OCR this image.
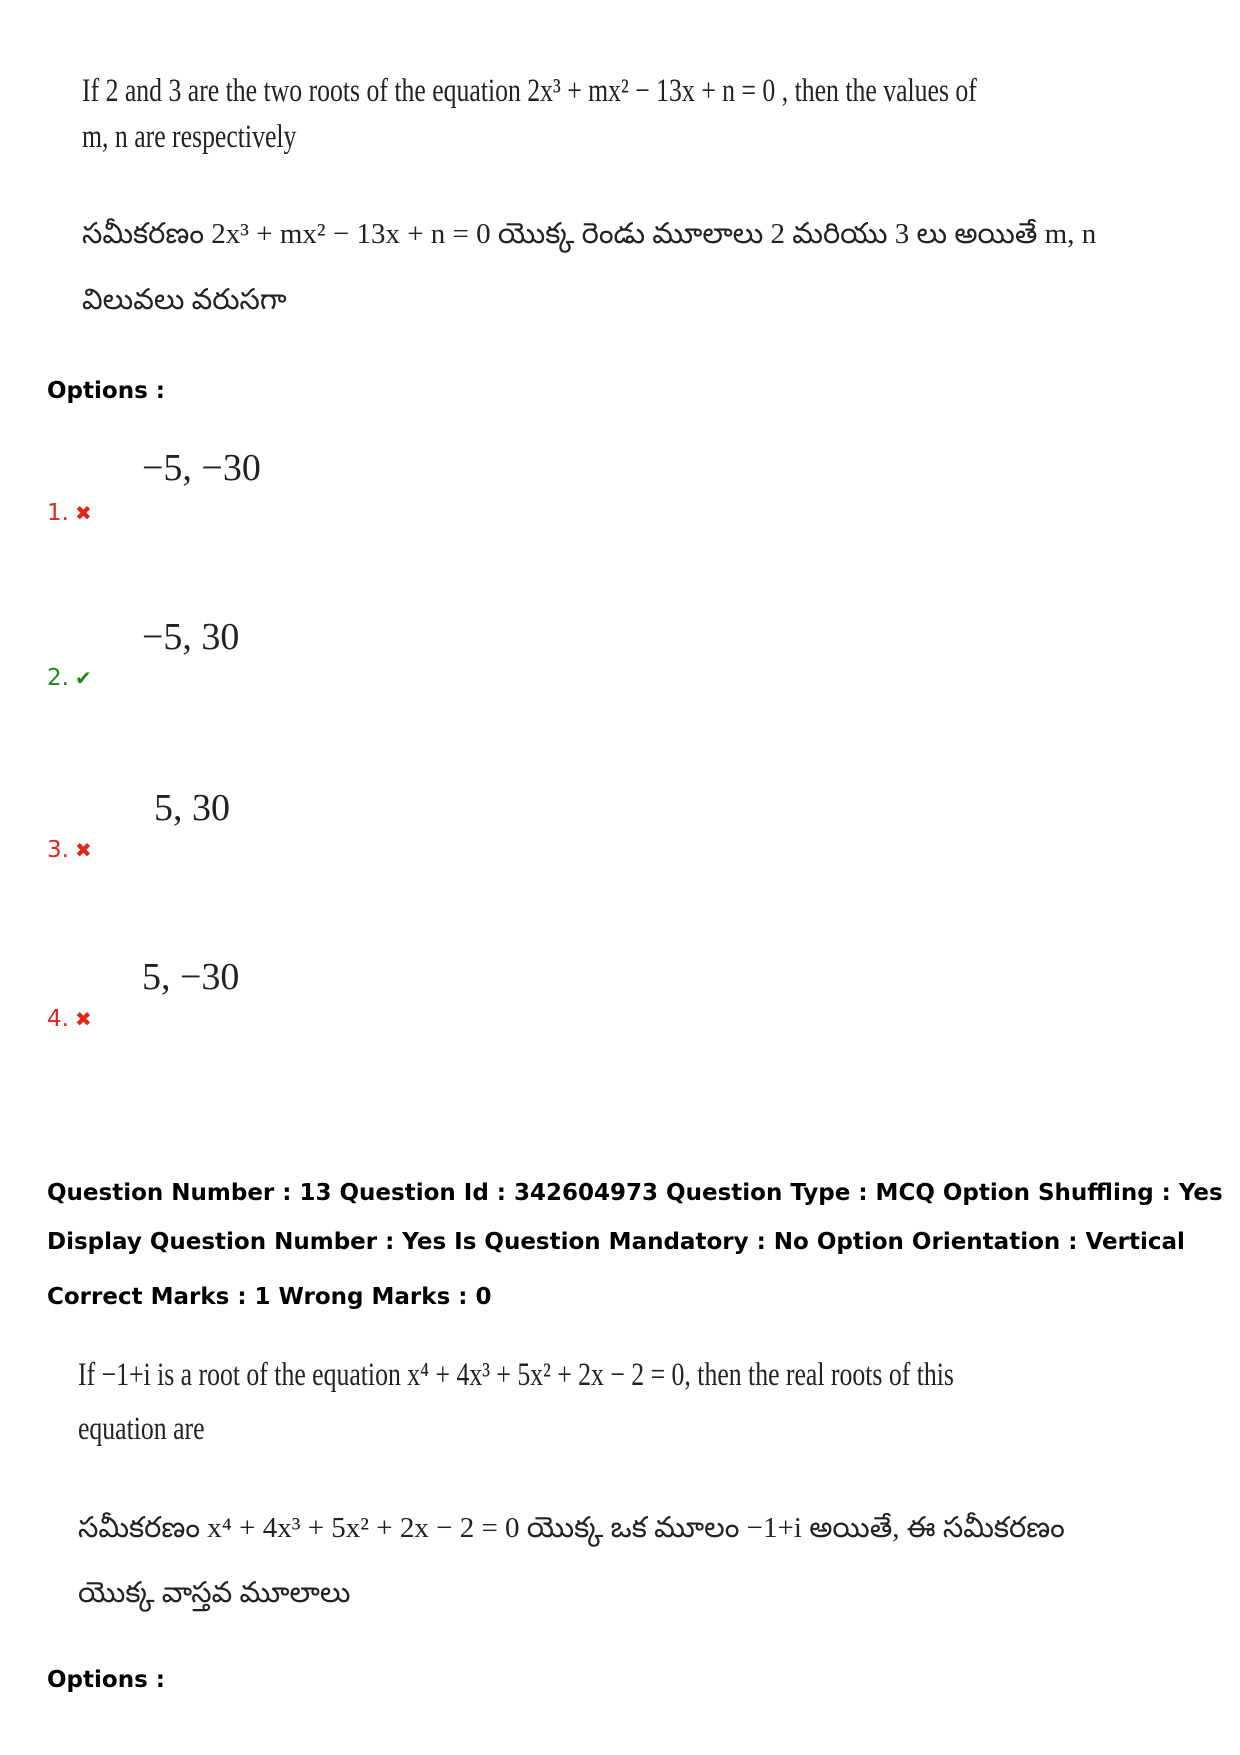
If 2 and 3 are the two roots of the equation 2x³ + mx² − 13x + n = 0 , then the values of
m, n are respectively
సమీకరణం 2x³ + mx² − 13x + n = 0 యొక్క రెండు మూలాలు 2 మరియు 3 లు అయితే m, n
విలువలు వరుసగా
Options :
−5, −30
1. ✖
−5, 30
2. ✔
5, 30
3. ✖
5, −30
4. ✖
Question Number : 13 Question Id : 342604973 Question Type : MCQ Option Shuffling : Yes
Display Question Number : Yes Is Question Mandatory : No Option Orientation : Vertical
Correct Marks : 1 Wrong Marks : 0
If −1+i is a root of the equation x⁴ + 4x³ + 5x² + 2x − 2 = 0, then the real roots of this
equation are
సమీకరణం x⁴ + 4x³ + 5x² + 2x − 2 = 0 యొక్క ఒక మూలం −1+i అయితే, ఈ సమీకరణం
యొక్క వాస్తవ మూలాలు
Options :
